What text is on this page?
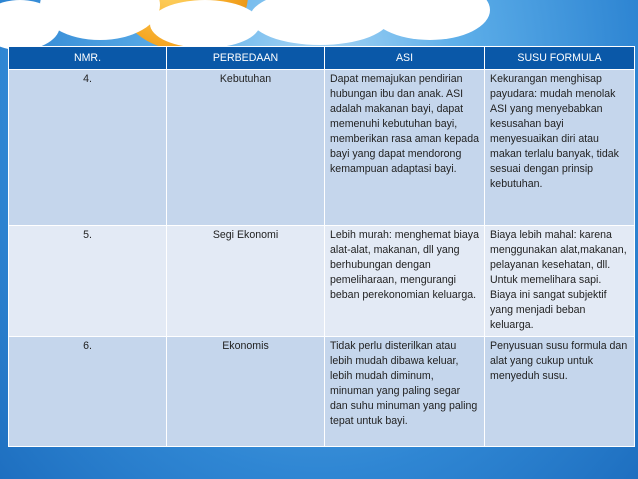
NMR.	PERBEDAAN	ASI	SUSU FORMULA
4.	Kebutuhan	Dapat memajukan pendirian hubungan ibu dan anak. ASI adalah makanan bayi, dapat memenuhi kebutuhan bayi, memberikan rasa aman kepada bayi yang dapat mendorong kemampuan adaptasi bayi.	Kekurangan menghisap payudara: mudah menolak ASI yang menyebabkan kesusahan bayi menyesuaikan diri atau makan terlalu banyak, tidak sesuai dengan prinsip kebutuhan.
5.	Segi Ekonomi	Lebih murah: menghemat biaya alat-alat, makanan, dll yang berhubungan dengan pemeliharaan, mengurangi beban perekonomian keluarga.	Biaya lebih mahal: karena menggunakan alat,makanan, pelayanan kesehatan, dll. Untuk memelihara sapi. Biaya ini sangat subjektif yang menjadi beban keluarga.
6.	Ekonomis	Tidak perlu disterilkan atau lebih mudah dibawa keluar, lebih mudah diminum, minuman yang paling segar dan suhu minuman yang paling tepat untuk bayi.	Penyusuan susu formula dan alat yang cukup untuk menyeduh susu.
